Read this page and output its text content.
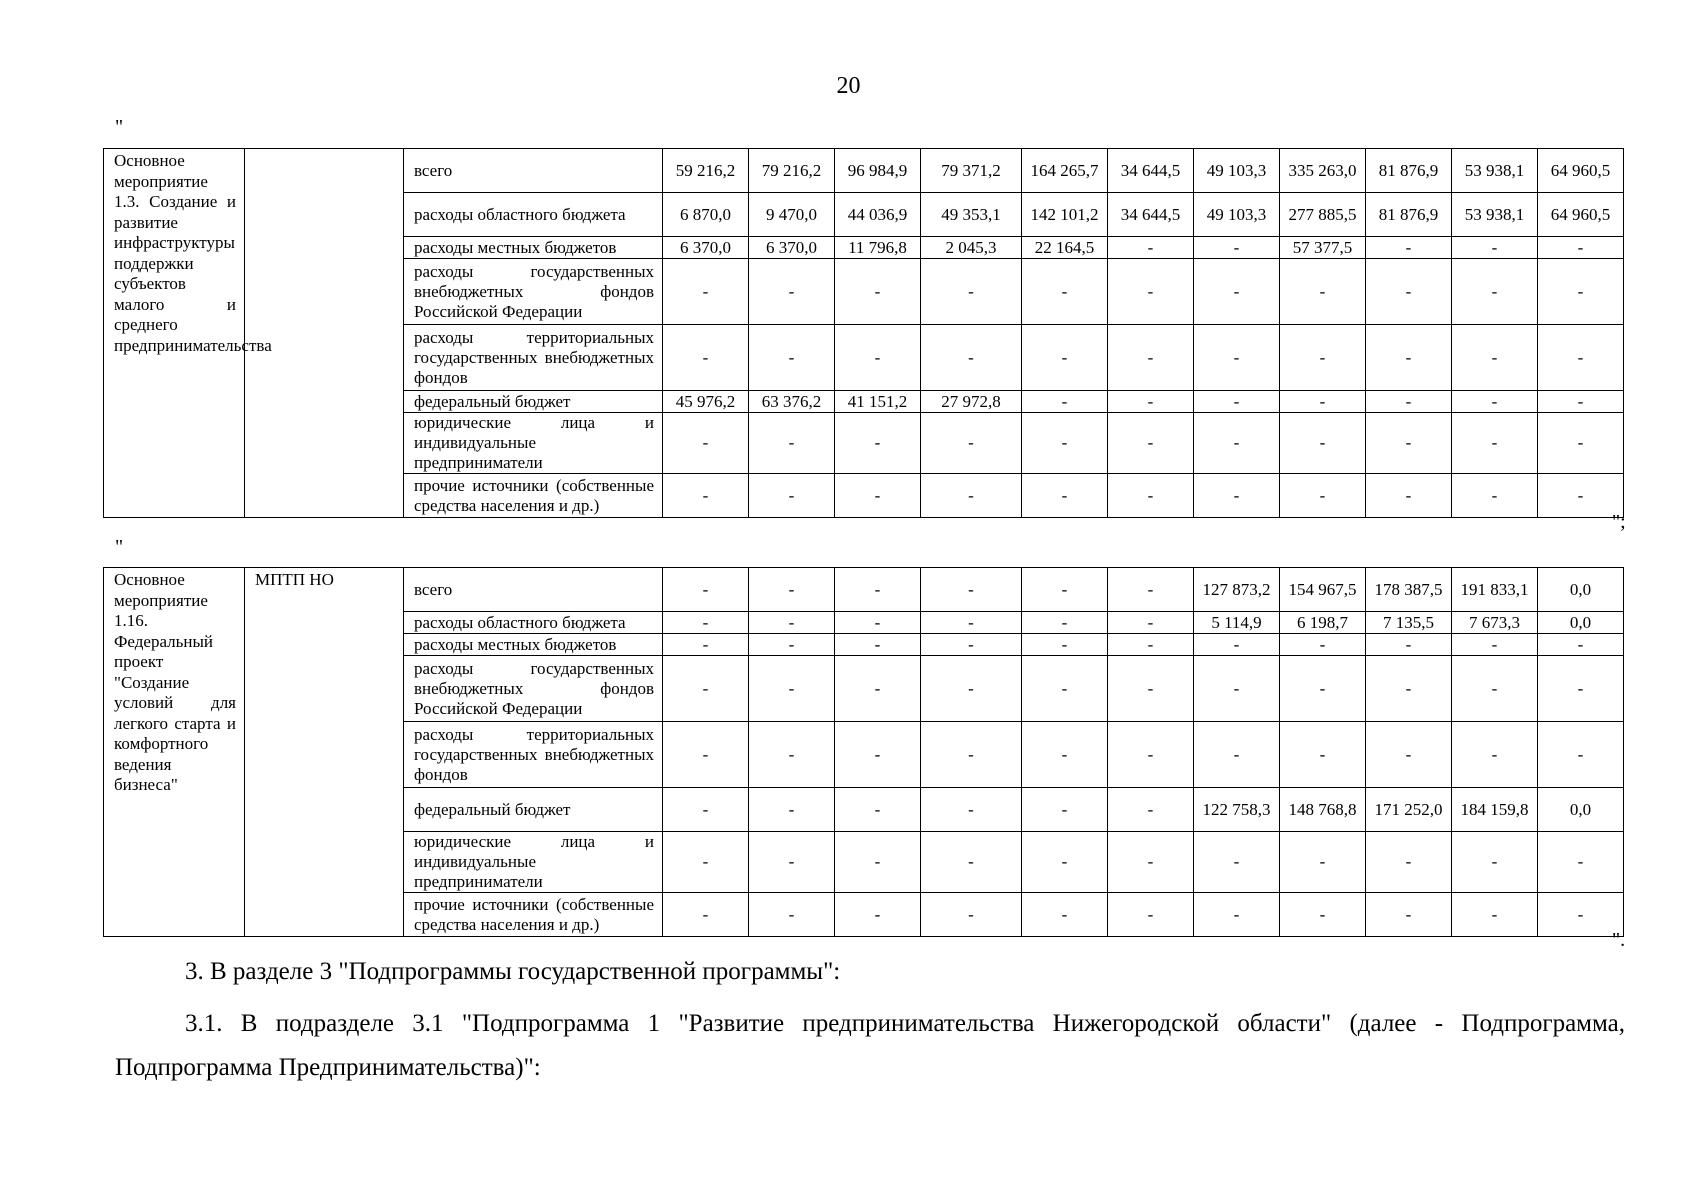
20
"
Основное мероприятие 1.3. Создание и развитие инфраструктуры поддержки субъектов малого и среднего предпринимательства		всего	59 216,2	79 216,2	96 984,9	79 371,2	164 265,7	34 644,5	49 103,3	335 263,0	81 876,9	53 938,1	64 960,5
		расходы областного бюджета	6 870,0	9 470,0	44 036,9	49 353,1	142 101,2	34 644,5	49 103,3	277 885,5	81 876,9	53 938,1	64 960,5
		расходы местных бюджетов	6 370,0	6 370,0	11 796,8	2 045,3	22 164,5	-	-	57 377,5	-	-	-
		расходы государственных внебюджетных фондов Российской Федерации	-	-	-	-	-	-	-	-	-	-	-
		расходы территориальных государственных внебюджетных фондов	-	-	-	-	-	-	-	-	-	-	-
		федеральный бюджет	45 976,2	63 376,2	41 151,2	27 972,8	-	-	-	-	-	-	-
		юридические лица и индивидуальные предприниматели	-	-	-	-	-	-	-	-	-	-	-
		прочие источники (собственные средства населения и др.)	-	-	-	-	-	-	-	-	-	-	-
";
"
Основное мероприятие 1.16. Федеральный проект "Создание условий для легкого старта и комфортного ведения бизнеса"	МПТП НО	всего	-	-	-	-	-	-	127 873,2	154 967,5	178 387,5	191 833,1	0,0
		расходы областного бюджета	-	-	-	-	-	-	5 114,9	6 198,7	7 135,5	7 673,3	0,0
		расходы местных бюджетов	-	-	-	-	-	-	-	-	-	-	-
		расходы государственных внебюджетных фондов Российской Федерации	-	-	-	-	-	-	-	-	-	-	-
		расходы территориальных государственных внебюджетных фондов	-	-	-	-	-	-	-	-	-	-	-
		федеральный бюджет	-	-	-	-	-	-	122 758,3	148 768,8	171 252,0	184 159,8	0,0
		юридические лица и индивидуальные предприниматели	-	-	-	-	-	-	-	-	-	-	-
		прочие источники (собственные средства населения и др.)	-	-	-	-	-	-	-	-	-	-	-
".
3. В разделе 3 "Подпрограммы государственной программы":
3.1. В подразделе 3.1 "Подпрограмма 1 "Развитие предпринимательства Нижегородской области" (далее - Подпрограмма, Подпрограмма Предпринимательства)":
